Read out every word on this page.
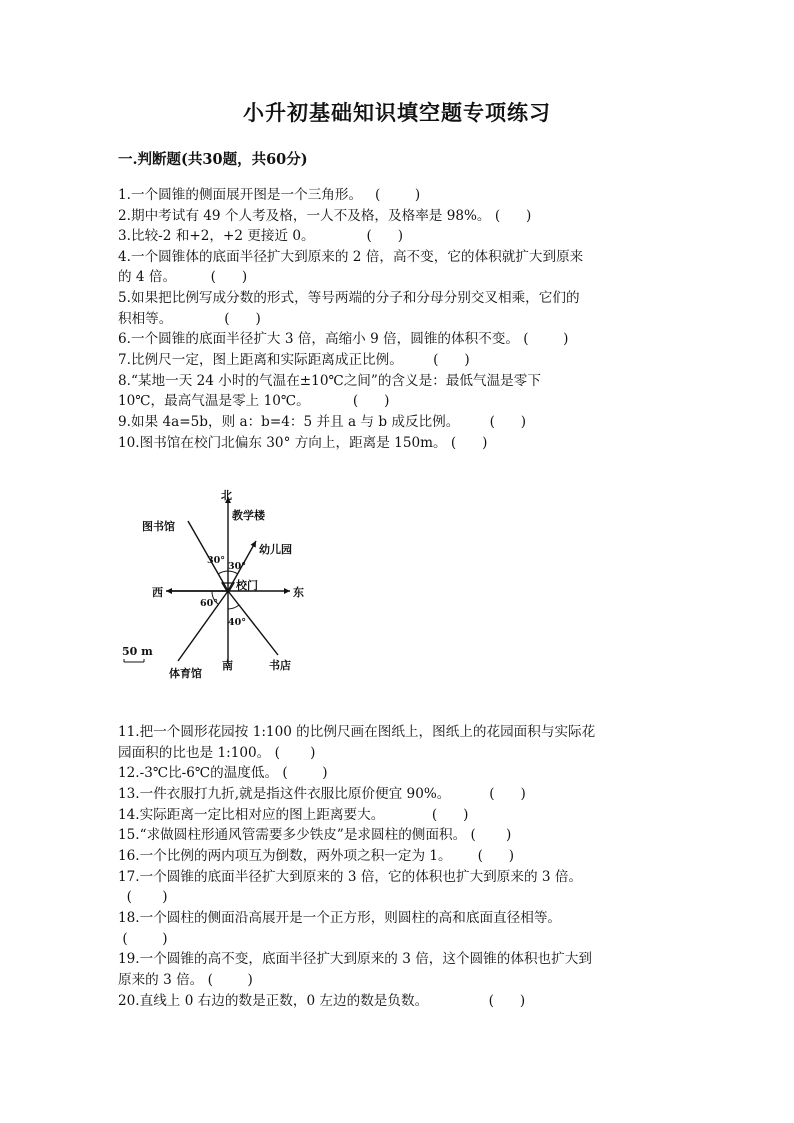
小升初基础知识填空题专项练习
一.判断题(共30题，共60分)
1.一个圆锥的侧面展开图是一个三角形。   (        )
2.期中考试有 49 个人考及格，一人不及格，及格率是 98%。 (      )
3.比较-2 和+2，+2 更接近 0。            (      )
4.一个圆锥体的底面半径扩大到原来的 2 倍，高不变，它的体积就扩大到原来
的 4 倍。        (      )
5.如果把比例写成分数的形式，等号两端的分子和分母分别交叉相乘，它们的
积相等。            (      )
6.一个圆锥的底面半径扩大 3 倍，高缩小 9 倍，圆锥的体积不变。 (        )
7.比例尺一定，图上距离和实际距离成正比例。       (      )
8.“某地一天 24 小时的气温在±10℃之间”的含义是：最低气温是零下
10℃，最高气温是零上 10℃。          (      )
9.如果 4a=5b，则 a：b=4：5 并且 a 与 b 成反比例。       (      )
10.图书馆在校门北偏东 30° 方向上，距离是 150m。 (      )
北
教学楼
图书馆
幼儿园
30°
30°
校门
西	东
60°
40°
50 m
南	书店
体育馆
11.把一个圆形花园按 1:100 的比例尺画在图纸上，图纸上的花园面积与实际花
园面积的比也是 1:100。 (       )
12.-3℃比-6℃的温度低。 (        )
13.一件衣服打九折,就是指这件衣服比原价便宜 90%。         (      )
14.实际距离一定比相对应的图上距离要大。           (      )
15.“求做圆柱形通风管需要多少铁皮”是求圆柱的侧面积。 (       )
16.一个比例的两内项互为倒数，两外项之积一定为 1。      (      )
17.一个圆锥的底面半径扩大到原来的 3 倍，它的体积也扩大到原来的 3 倍。
(       )
18.一个圆柱的侧面沿高展开是一个正方形，则圆柱的高和底面直径相等。
(        )
19.一个圆锥的高不变，底面半径扩大到原来的 3 倍，这个圆锥的体积也扩大到
原来的 3 倍。 (        )
20.直线上 0 右边的数是正数，0 左边的数是负数。              (      )
